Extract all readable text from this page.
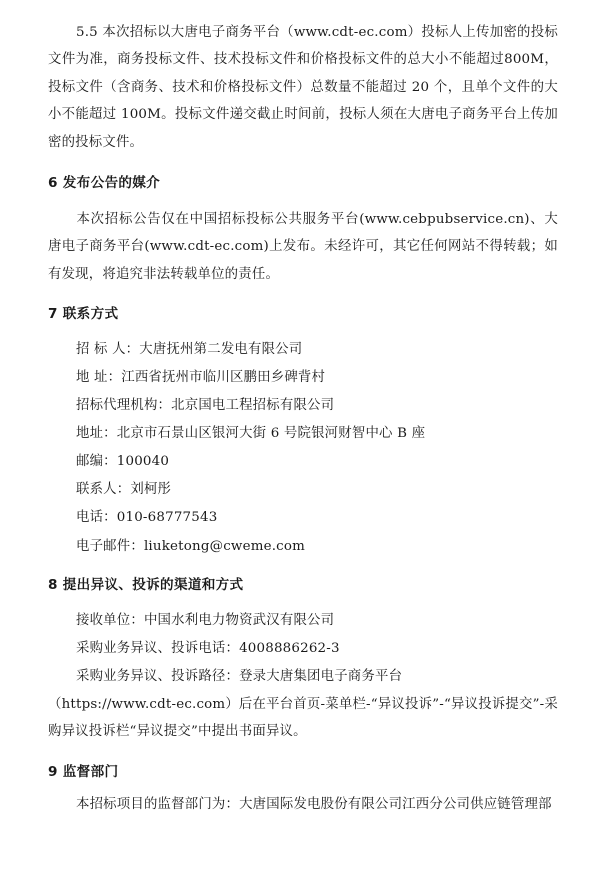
5.5 本次招标以大唐电子商务平台（www.cdt-ec.com）投标人上传加密的投标文件为准，商务投标文件、技术投标文件和价格投标文件的总大小不能超过800M，投标文件（含商务、技术和价格投标文件）总数量不能超过 20 个，且单个文件的大小不能超过 100M。投标文件递交截止时间前，投标人须在大唐电子商务平台上传加密的投标文件。
6 发布公告的媒介
本次招标公告仅在中国招标投标公共服务平台(www.cebpubservice.cn)、大唐电子商务平台(www.cdt-ec.com)上发布。未经许可，其它任何网站不得转载；如有发现，将追究非法转载单位的责任。
7 联系方式
招 标 人：大唐抚州第二发电有限公司
地 址：江西省抚州市临川区鹏田乡碑背村
招标代理机构：北京国电工程招标有限公司
地址：北京市石景山区银河大街 6 号院银河财智中心 B 座
邮编：100040
联系人：刘柯彤
电话：010-68777543
电子邮件：liuketong@cweme.com
8 提出异议、投诉的渠道和方式
接收单位：中国水利电力物资武汉有限公司
采购业务异议、投诉电话：4008886262-3
采购业务异议、投诉路径：登录大唐集团电子商务平台
（https://www.cdt-ec.com）后在平台首页-菜单栏-“异议投诉”-“异议投诉提交”-采购异议投诉栏“异议提交”中提出书面异议。
9 监督部门
本招标项目的监督部门为：大唐国际发电股份有限公司江西分公司供应链管理部
